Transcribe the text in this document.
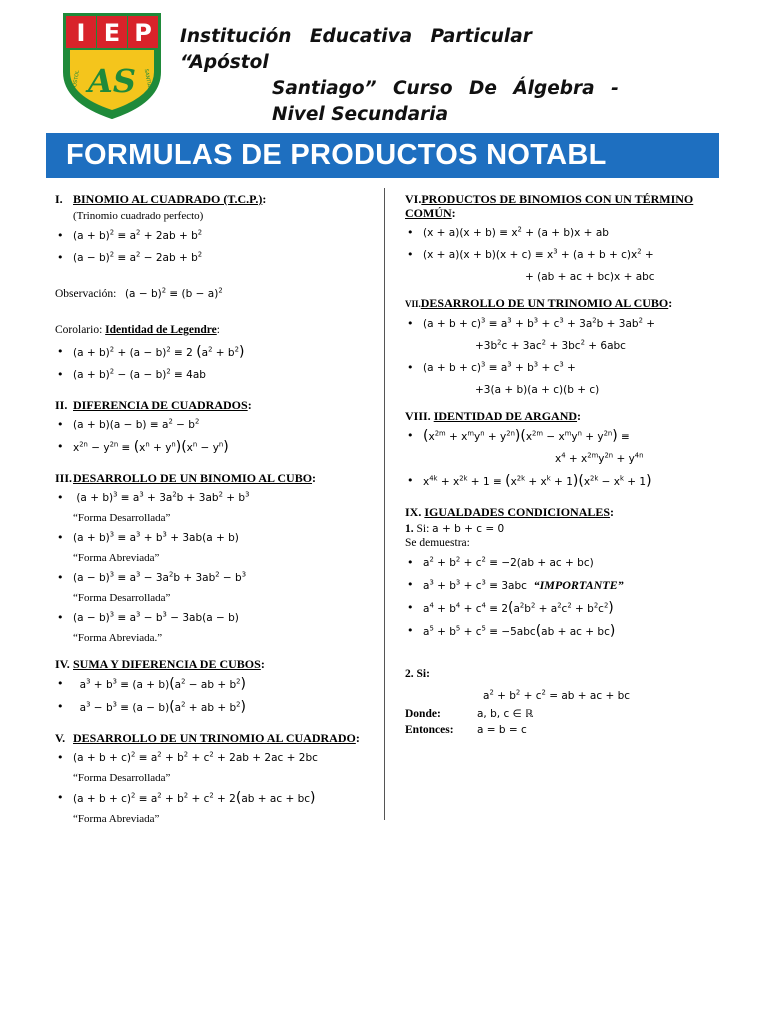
I E P
AS
APÓSTOL	SANTIAGO
Institución Educativa Particular “Apóstol
Santiago” Curso De Álgebra -
Nivel Secundaria
FORMULAS DE PRODUCTOS NOTABL
I. BINOMIO AL CUADRADO (T.C.P.):
(Trinomio cuadrado perfecto)
• $(a + b)^2 \equiv a^2 + 2ab + b^2$
• $(a - b)^2 \equiv a^2 - 2ab + b^2$
Observación: $(a - b)^2 \equiv (b - a)^2$
Corolario: Identidad de Legendre:
• $(a + b)^2 + (a - b)^2 \equiv 2$ $(a^2 + b^2)$
• $(a + b)^2 - (a - b)^2 \equiv 4ab$
II. DIFERENCIA DE CUADRADOS:
• $(a + b)(a - b) \equiv a^2 - b^2$
• $x^{2n} - y^{2n} \equiv (x^n + y^n)(x^n - y^n)$
III.DESARROLLO DE UN BINOMIO AL CUBO:
•  $(a + b)^3 \equiv a^3 + 3a^2b + 3ab^2 + b^3$
“Forma Desarrollada”
• $(a + b)^3 \equiv a^3 + b^3 + 3ab(a + b)$
“Forma Abreviada”
• $(a - b)^3 \equiv a^3 - 3a^2b + 3ab^2 - b^3$
“Forma Desarrollada”
• $(a - b)^3 \equiv a^3 - b^3 - 3ab(a - b)$
“Forma Abreviada.”
IV. SUMA Y DIFERENCIA DE CUBOS:
•   $a^3 + b^3 \equiv (a + b)(a^2$ − ab + $b^2$)
•   $a^3 - b^3 \equiv (a - b)(a^2$ + ab + $b^2$)
V. DESARROLLO DE UN TRINOMIO AL CUADRADO:
• $(a + b + c)^2 \equiv a^2 + b^2 + c^2 + 2ab + 2ac + 2bc$
“Forma Desarrollada”
• $(a + b + c)^2 \equiv a^2 + b^2 + c^2 + 2(ab$ + ac + bc)
“Forma Abreviada”
VI.PRODUCTOS DE BINOMIOS CON UN TÉRMINO COMÚN:
• $(x + a)(x + b) \equiv x^2 + (a + b)x$ + ab
• $(x + a)(x + b)(x + c) \equiv x^3 + (a + b + c)x^2$ +
+ (ab + ac + bc)x + abc
VII.DESARROLLO DE UN TRINOMIO AL CUBO:
• $(a + b + c)^3 \equiv a^3 + b^3 + c^3 + 3a^2b + 3ab^2$ +
$+3b^2c + 3ac^2 + 3bc^2 + 6abc$
• $(a + b + c)^3 \equiv a^3 + b^3 + c^3$ +
+3(a + b)(a + c)(b + c)
VIII. IDENTIDAD DE ARGAND:
• $(x^{2m} + x^my^n + y^{2n})(x^{2m} - x^my^n + y^{2n})$ ≡
$x^4 + x^{2m}y^{2n} + y^{4n}$
• $x^{4k} + x^{2k} + 1 \equiv (x^{2k} + x^k + 1)(x^{2k} - x^k + 1)$
IX. IGUALDADES CONDICIONALES:
1. Si: a + b + c = 0
Se demuestra:
• $a^2 + b^2 + c^2 \equiv -2(ab$ + ac + bc)
• $a^3 + b^3 + c^3 \equiv 3abc$  “IMPORTANTE”
• $a^4 + b^4 + c^4 \equiv 2(a^2b^2 + a^2c^2 + b^2c^2)$
• $a^5 + b^5 + c^5 \equiv -5abc(ab$ + ac + bc)
2. Si:
$a^2 + b^2 + c^2$ = ab + ac + bc
Donde:	a, b, c ∈ ℝ
Entonces: a = b = c
